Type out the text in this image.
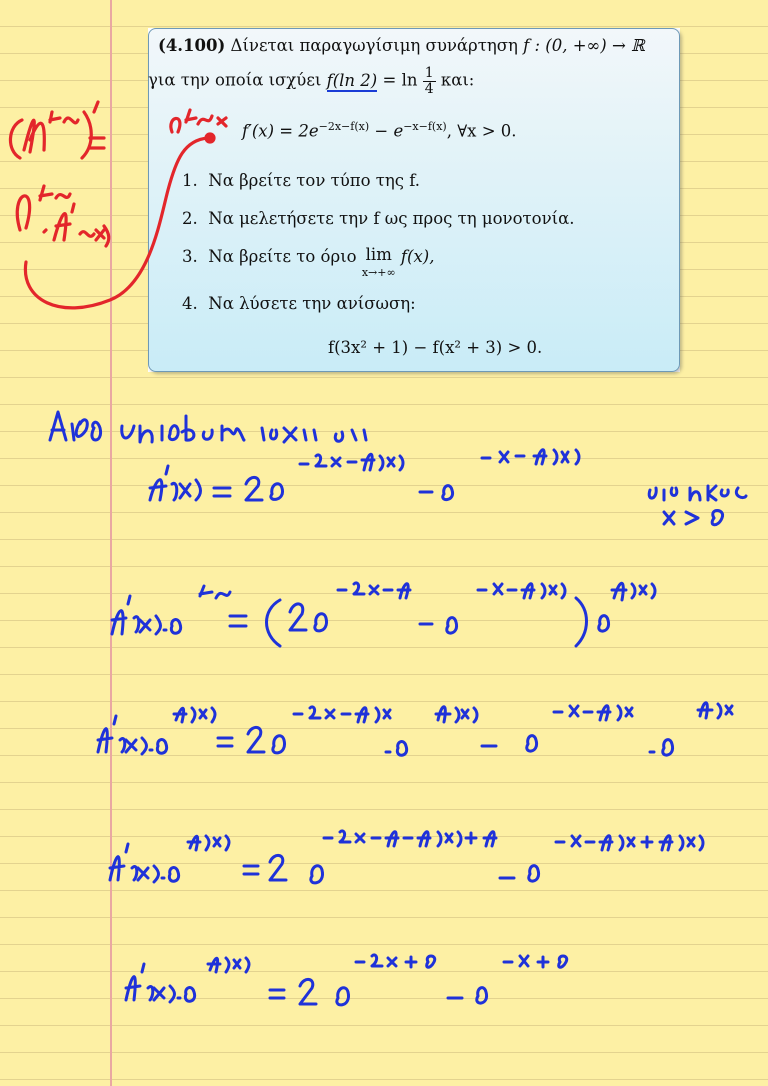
(4.100) Δίνεται παραγωγίσιμη συνάρτηση f : (0, +∞) → ℝ
για την οποία ισχύει f(ln $2) = \ln \frac{1}{4} \kappa\alpha\iota$:
$f'(x) = 2e^{-2x-f(x)} - e^{-x-f(x)}$, ∀x > 0.
1. Να βρείτε τον τύπο της f.
2. Να μελετήσετε την f ως προς τη μονοτονία.
3. Να βρείτε το όριο lim
x→+∞
f(x),
4. Να λύσετε την ανίσωση:
f(3x² + 1) − f(x² + 3) > 0.
